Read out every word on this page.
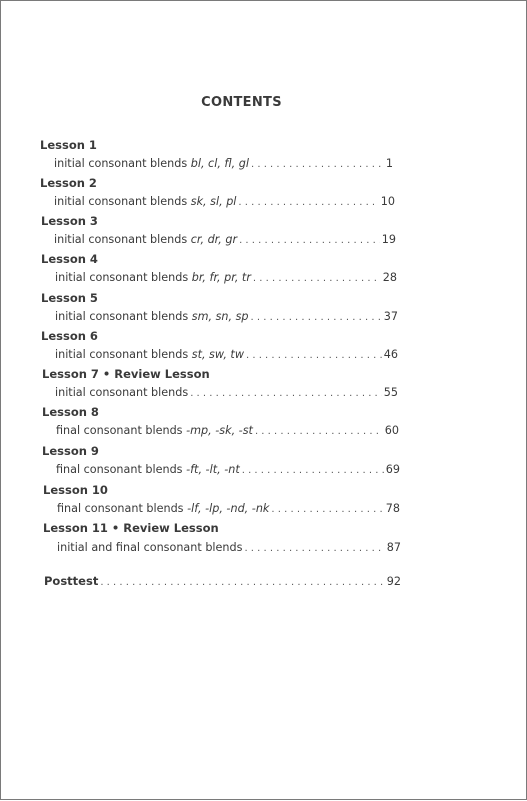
CONTENTS
Lesson 1
initial consonant blends bl, cl, fl, gl . . .	1
Lesson 2
initial consonant blends sk, sl, pl . . .	10
Lesson 3
initial consonant blends cr, dr, gr . . .	19
Lesson 4
initial consonant blends br, fr, pr, tr . . .	28
Lesson 5
initial consonant blends sm, sn, sp . . .	37
Lesson 6
initial consonant blends st, sw, tw . . .	46
Lesson 7 • Review Lesson
initial consonant blends . . .	55
Lesson 8
final consonant blends -mp, -sk, -st . . .	60
Lesson 9
final consonant blends -ft, -lt, -nt . . .	69
Lesson 10
final consonant blends -lf, -lp, -nd, -nk . . .	78
Lesson 11 • Review Lesson
initial and final consonant blends . . .	87
Posttest . . .	92
